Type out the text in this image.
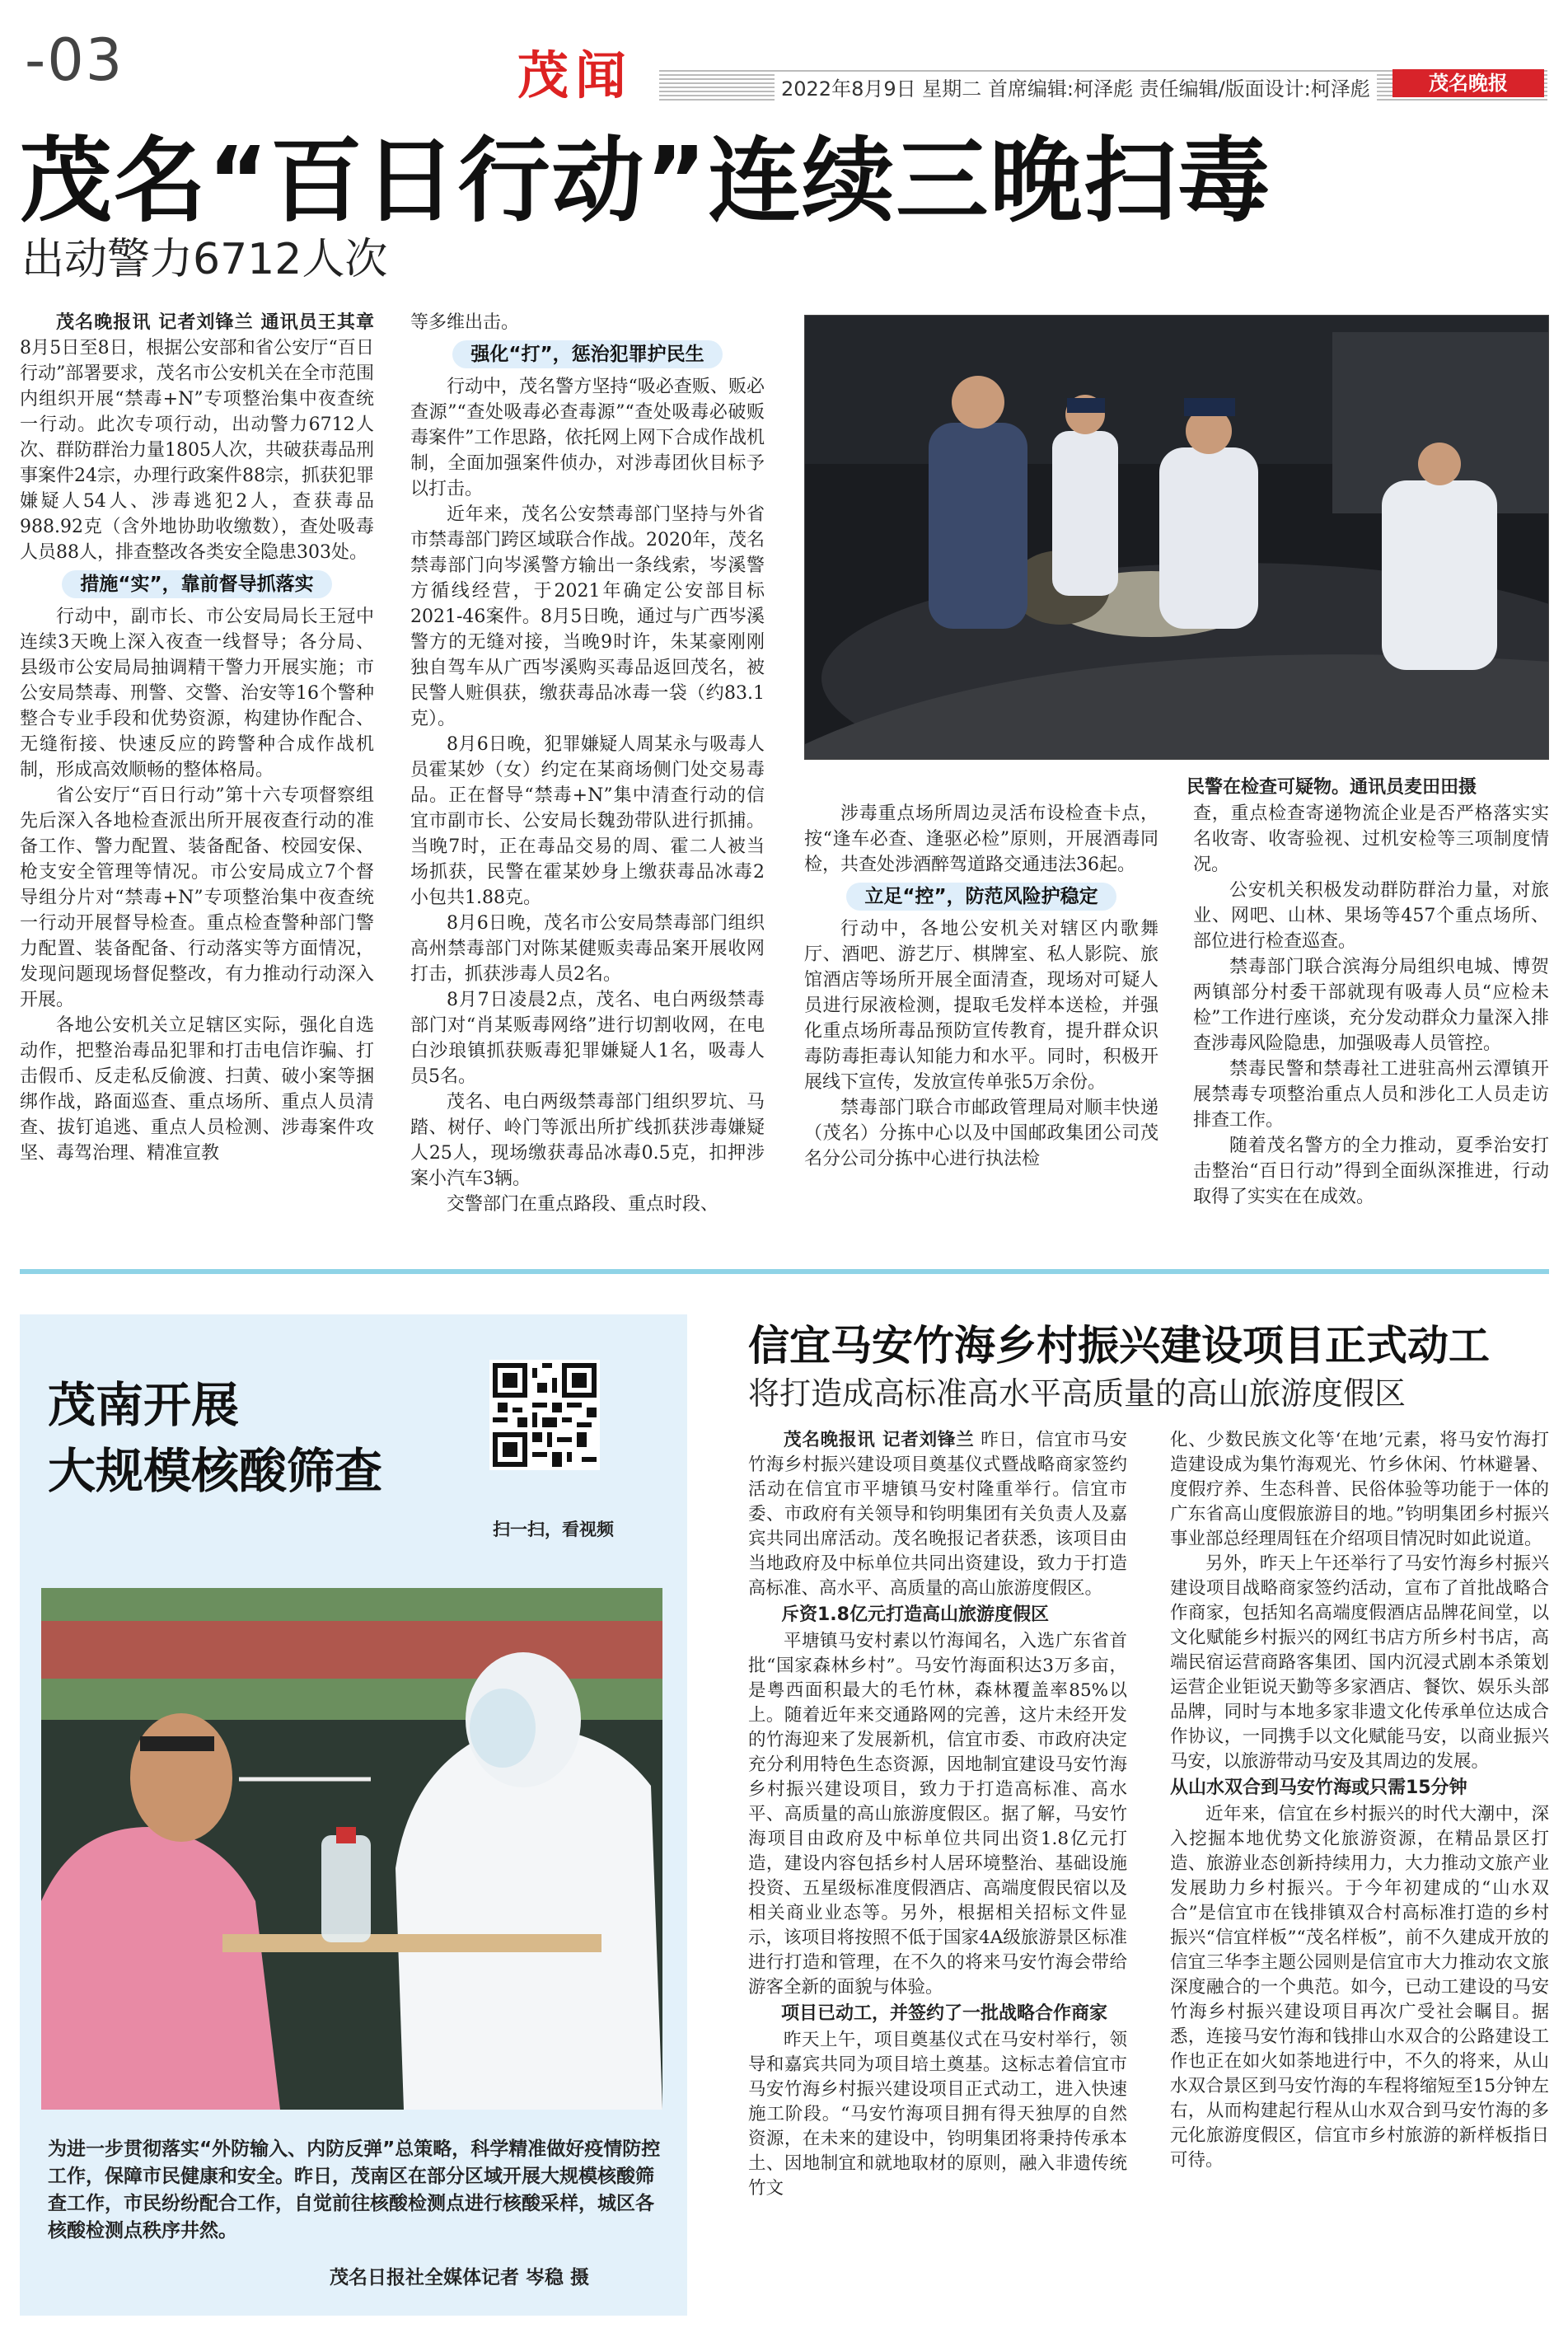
-03	茂闻	2022年8月9日 星期二 首席编辑:柯泽彪 责任编辑/版面设计:柯泽彪	茂名晚报
茂名“百日行动”连续三晚扫毒
出动警力6712人次

茂名晚报讯 记者刘锋兰 通讯员王其章 8月5日至8日，根据公安部和省公安厅“百日行动”部署要求，茂名市公安机关在全市范围内组织开展“禁毒+N”专项整治集中夜查统一行动。此次专项行动，出动警力6712人次、群防群治力量1805人次，共破获毒品刑事案件24宗，办理行政案件88宗，抓获犯罪嫌疑人54人、涉毒逃犯2人，查获毒品988.92克（含外地协助收缴数），查处吸毒人员88人，排查整改各类安全隐患303处。

措施“实”，靠前督导抓落实

行动中，副市长、市公安局局长王冠中连续3天晚上深入夜查一线督导；各分局、县级市公安局局抽调精干警力开展实施；市公安局禁毒、刑警、交警、治安等16个警种整合专业手段和优势资源，构建协作配合、无缝衔接、快速反应的跨警种合成作战机制，形成高效顺畅的整体格局。

省公安厅“百日行动”第十六专项督察组先后深入各地检查派出所开展夜查行动的准备工作、警力配置、装备配备、校园安保、枪支安全管理等情况。市公安局成立7个督导组分片对“禁毒+N”专项整治集中夜查统一行动开展督导检查。重点检查警种部门警力配置、装备配备、行动落实等方面情况，发现问题现场督促整改，有力推动行动深入开展。

各地公安机关立足辖区实际，强化自选动作，把整治毒品犯罪和打击电信诈骗、打击假币、反走私反偷渡、扫黄、破小案等捆绑作战，路面巡查、重点场所、重点人员清查、拔钉追逃、重点人员检测、涉毒案件攻坚、毒驾治理、精准宣教

等多维出击。

强化“打”，惩治犯罪护民生

行动中，茂名警方坚持“吸必查贩、贩必查源”“查处吸毒必查毒源”“查处吸毒必破贩毒案件”工作思路，依托网上网下合成作战机制，全面加强案件侦办，对涉毒团伙目标予以打击。

近年来，茂名公安禁毒部门坚持与外省市禁毒部门跨区域联合作战。2020年，茂名禁毒部门向岑溪警方输出一条线索，岑溪警方循线经营，于2021年确定公安部目标2021-46案件。8月5日晚，通过与广西岑溪警方的无缝对接，当晚9时许，朱某豪刚刚独自驾车从广西岑溪购买毒品返回茂名，被民警人赃俱获，缴获毒品冰毒一袋（约83.1克）。

8月6日晚，犯罪嫌疑人周某永与吸毒人员霍某妙（女）约定在某商场侧门处交易毒品。正在督导“禁毒+N”集中清查行动的信宜市副市长、公安局长魏劲带队进行抓捕。当晚7时，正在毒品交易的周、霍二人被当场抓获，民警在霍某妙身上缴获毒品冰毒2小包共1.88克。

8月6日晚，茂名市公安局禁毒部门组织高州禁毒部门对陈某健贩卖毒品案开展收网打击，抓获涉毒人员2名。

8月7日凌晨2点，茂名、电白两级禁毒部门对“肖某贩毒网络”进行切割收网，在电白沙琅镇抓获贩毒犯罪嫌疑人1名，吸毒人员5名。

茂名、电白两级禁毒部门组织罗坑、马踏、树仔、岭门等派出所扩线抓获涉毒嫌疑人25人，现场缴获毒品冰毒0.5克，扣押涉案小汽车3辆。

交警部门在重点路段、重点时段、

民警在检查可疑物。通讯员麦田田摄

涉毒重点场所周边灵活布设检查卡点，按“逢车必查、逢驱必检”原则，开展酒毒同检，共查处涉酒醉驾道路交通违法36起。

立足“控”，防范风险护稳定

行动中，各地公安机关对辖区内歌舞厅、酒吧、游艺厅、棋牌室、私人影院、旅馆酒店等场所开展全面清查，现场对可疑人员进行尿液检测，提取毛发样本送检，并强化重点场所毒品预防宣传教育，提升群众识毒防毒拒毒认知能力和水平。同时，积极开展线下宣传，发放宣传单张5万余份。

禁毒部门联合市邮政管理局对顺丰快递（茂名）分拣中心以及中国邮政集团公司茂名分公司分拣中心进行执法检

查，重点检查寄递物流企业是否严格落实实名收寄、收寄验视、过机安检等三项制度情况。

公安机关积极发动群防群治力量，对旅业、网吧、山林、果场等457个重点场所、部位进行检查巡查。

禁毒部门联合滨海分局组织电城、博贺两镇部分村委干部就现有吸毒人员“应检未检”工作进行座谈，充分发动群众力量深入排查涉毒风险隐患，加强吸毒人员管控。

禁毒民警和禁毒社工进驻高州云潭镇开展禁毒专项整治重点人员和涉化工人员走访排查工作。

随着茂名警方的全力推动，夏季治安打击整治“百日行动”得到全面纵深推进，行动取得了实实在在成效。

茂南开展
大规模核酸筛查
扫一扫，看视频
为进一步贯彻落实“外防输入、内防反弹”总策略，科学精准做好疫情防控工作，保障市民健康和安全。昨日，茂南区在部分区域开展大规模核酸筛查工作，市民纷纷配合工作，自觉前往核酸检测点进行核酸采样，城区各核酸检测点秩序井然。
茂名日报社全媒体记者 岑稳 摄
信宜马安竹海乡村振兴建设项目正式动工
将打造成高标准高水平高质量的高山旅游度假区

茂名晚报讯 记者刘锋兰 昨日，信宜市马安竹海乡村振兴建设项目奠基仪式暨战略商家签约活动在信宜市平塘镇马安村隆重举行。信宜市委、市政府有关领导和钧明集团有关负责人及嘉宾共同出席活动。茂名晚报记者获悉，该项目由当地政府及中标单位共同出资建设，致力于打造高标准、高水平、高质量的高山旅游度假区。

斥资1.8亿元打造高山旅游度假区

平塘镇马安村素以竹海闻名，入选广东省首批“国家森林乡村”。马安竹海面积达3万多亩，是粤西面积最大的毛竹林，森林覆盖率85%以上。随着近年来交通路网的完善，这片未经开发的竹海迎来了发展新机，信宜市委、市政府决定充分利用特色生态资源，因地制宜建设马安竹海乡村振兴建设项目，致力于打造高标准、高水平、高质量的高山旅游度假区。据了解，马安竹海项目由政府及中标单位共同出资1.8亿元打造，建设内容包括乡村人居环境整治、基础设施投资、五星级标准度假酒店、高端度假民宿以及相关商业业态等。另外，根据相关招标文件显示，该项目将按照不低于国家4A级旅游景区标准进行打造和管理，在不久的将来马安竹海会带给游客全新的面貌与体验。

项目已动工，并签约了一批战略合作商家

昨天上午，项目奠基仪式在马安村举行，领导和嘉宾共同为项目培土奠基。这标志着信宜市马安竹海乡村振兴建设项目正式动工，进入快速施工阶段。“马安竹海项目拥有得天独厚的自然资源，在未来的建设中，钧明集团将秉持传承本土、因地制宜和就地取材的原则，融入非遗传统竹文

化、少数民族文化等‘在地’元素，将马安竹海打造建设成为集竹海观光、竹乡休闲、竹林避暑、度假疗养、生态科普、民俗体验等功能于一体的广东省高山度假旅游目的地。”钧明集团乡村振兴事业部总经理周钰在介绍项目情况时如此说道。

另外，昨天上午还举行了马安竹海乡村振兴建设项目战略商家签约活动，宣布了首批战略合作商家，包括知名高端度假酒店品牌花间堂，以文化赋能乡村振兴的网红书店方所乡村书店，高端民宿运营商路客集团、国内沉浸式剧本杀策划运营企业钜说天勤等多家酒店、餐饮、娱乐头部品牌，同时与本地多家非遗文化传承单位达成合作协议，一同携手以文化赋能马安，以商业振兴马安，以旅游带动马安及其周边的发展。

从山水双合到马安竹海或只需15分钟

近年来，信宜在乡村振兴的时代大潮中，深入挖掘本地优势文化旅游资源，在精品景区打造、旅游业态创新持续用力，大力推动文旅产业发展助力乡村振兴。于今年初建成的“山水双合”是信宜市在钱排镇双合村高标准打造的乡村振兴“信宜样板”“茂名样板”，前不久建成开放的信宜三华李主题公园则是信宜市大力推动农文旅深度融合的一个典范。如今，已动工建设的马安竹海乡村振兴建设项目再次广受社会瞩目。据悉，连接马安竹海和钱排山水双合的公路建设工作也正在如火如荼地进行中，不久的将来，从山水双合景区到马安竹海的车程将缩短至15分钟左右，从而构建起行程从山水双合到马安竹海的多元化旅游度假区，信宜市乡村旅游的新样板指日可待。
